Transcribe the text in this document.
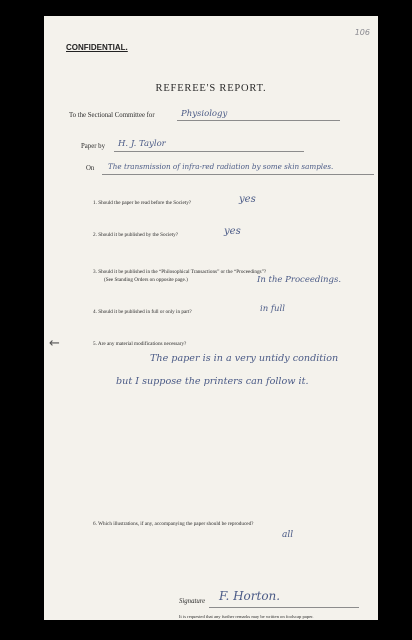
106
CONFIDENTIAL.
REFEREE'S REPORT.
To the Sectional Committee for	Physiology
Paper by H. J. Taylor
On The transmission of infra-red radiation by some skin samples.
1. Should the paper be read before the Society?	yes
2. Should it be published by the Society?	yes
3. Should it be published in the “Philosophical Transactions” or the “Proceedings”?
(See Standing Orders on opposite page.)	In the Proceedings.
4. Should it be published in full or only in part?	in full
←	5. Are any material modifications necessary?
The paper is in a very untidy condition
but I suppose the printers can follow it.
6. Which illustrations, if any, accompanying the paper should be reproduced?
all
Signature F. Horton.
It is requested that any further remarks may be written on foolscap paper.
